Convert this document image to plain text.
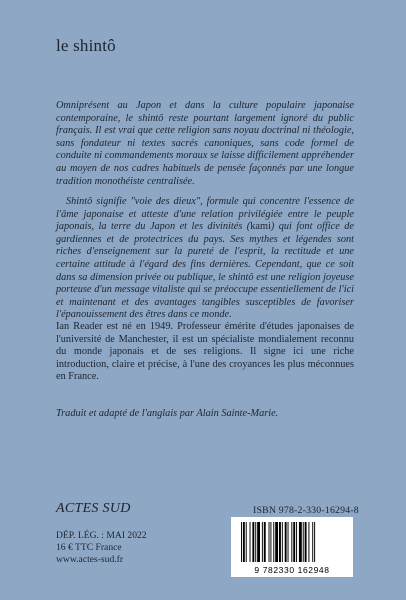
le shintô
Omniprésent au Japon et dans la culture populaire japonaise contemporaine, le shintô reste pourtant largement ignoré du public français. Il est vrai que cette religion sans noyau doctrinal ni théologie, sans fondateur ni textes sacrés canoniques, sans code formel de conduite ni commandements moraux se laisse difficilement appréhender au moyen de nos cadres habituels de pensée façonnés par une longue tradition monothéiste centralisée.
Shintô signifie "voie des dieux", formule qui concentre l'essence de l'âme japonaise et atteste d'une relation privilégiée entre le peuple japonais, la terre du Japon et les divinités (kami) qui font office de gardiennes et de protectrices du pays. Ses mythes et légendes sont riches d'enseignement sur la pureté de l'esprit, la rectitude et une certaine attitude à l'égard des fins dernières. Cependant, que ce soit dans sa dimension privée ou publique, le shintô est une religion joyeuse porteuse d'un message vitaliste qui se préoccupe essentiellement de l'ici et maintenant et des avantages tangibles susceptibles de favoriser l'épanouissement des êtres dans ce monde.
Ian Reader est né en 1949. Professeur émérite d'études japonaises de l'université de Manchester, il est un spécialiste mondialement reconnu du monde japonais et de ses religions. Il signe ici une riche introduction, claire et précise, à l'une des croyances les plus méconnues en France.
Traduit et adapté de l'anglais par Alain Sainte-Marie.
ACTES SUD
DÉP. LÉG. : MAI 2022
16 € TTC France
www.actes-sud.fr
ISBN 978-2-330-16294-8
9 782330 162948
